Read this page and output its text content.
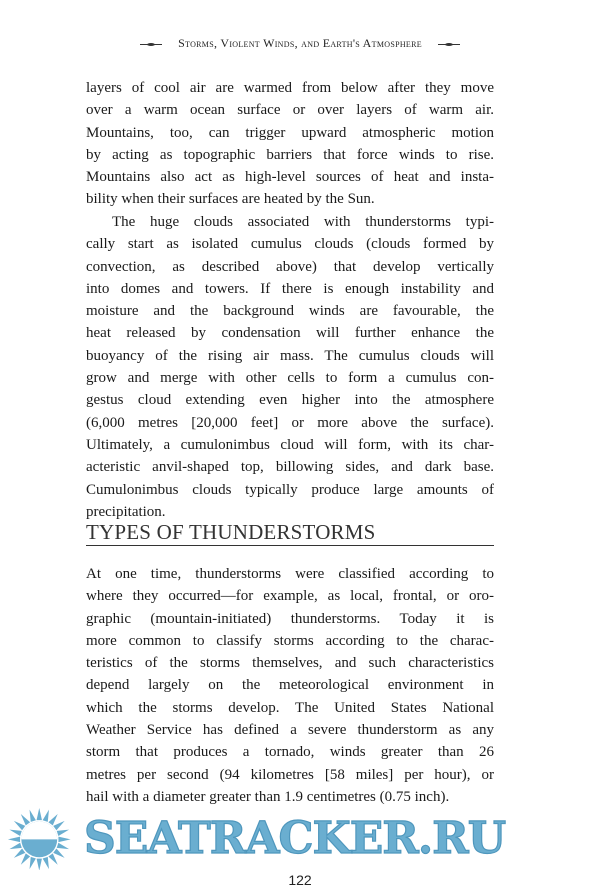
Storms, Violent Winds, and Earth's Atmosphere
layers of cool air are warmed from below after they move
over a warm ocean surface or over layers of warm air.
Mountains, too, can trigger upward atmospheric motion
by acting as topographic barriers that force winds to rise.
Mountains also act as high-level sources of heat and insta-
bility when their surfaces are heated by the Sun.
The huge clouds associated with thunderstorms typi-
cally start as isolated cumulus clouds (clouds formed by
convection, as described above) that develop vertically
into domes and towers. If there is enough instability and
moisture and the background winds are favourable, the
heat released by condensation will further enhance the
buoyancy of the rising air mass. The cumulus clouds will
grow and merge with other cells to form a cumulus con-
gestus cloud extending even higher into the atmosphere
(6,000 metres [20,000 feet] or more above the surface).
Ultimately, a cumulonimbus cloud will form, with its char-
acteristic anvil-shaped top, billowing sides, and dark base.
Cumulonimbus clouds typically produce large amounts of
precipitation.
TYPES OF THUNDERSTORMS
At one time, thunderstorms were classified according to
where they occurred—for example, as local, frontal, or oro-
graphic (mountain-initiated) thunderstorms. Today it is
more common to classify storms according to the charac-
teristics of the storms themselves, and such characteristics
depend largely on the meteorological environment in
which the storms develop. The United States National
Weather Service has defined a severe thunderstorm as any
storm that produces a tornado, winds greater than 26
metres per second (94 kilometres [58 miles] per hour), or
hail with a diameter greater than 1.9 centimetres (0.75 inch).
SEATRACKER.RU
122
